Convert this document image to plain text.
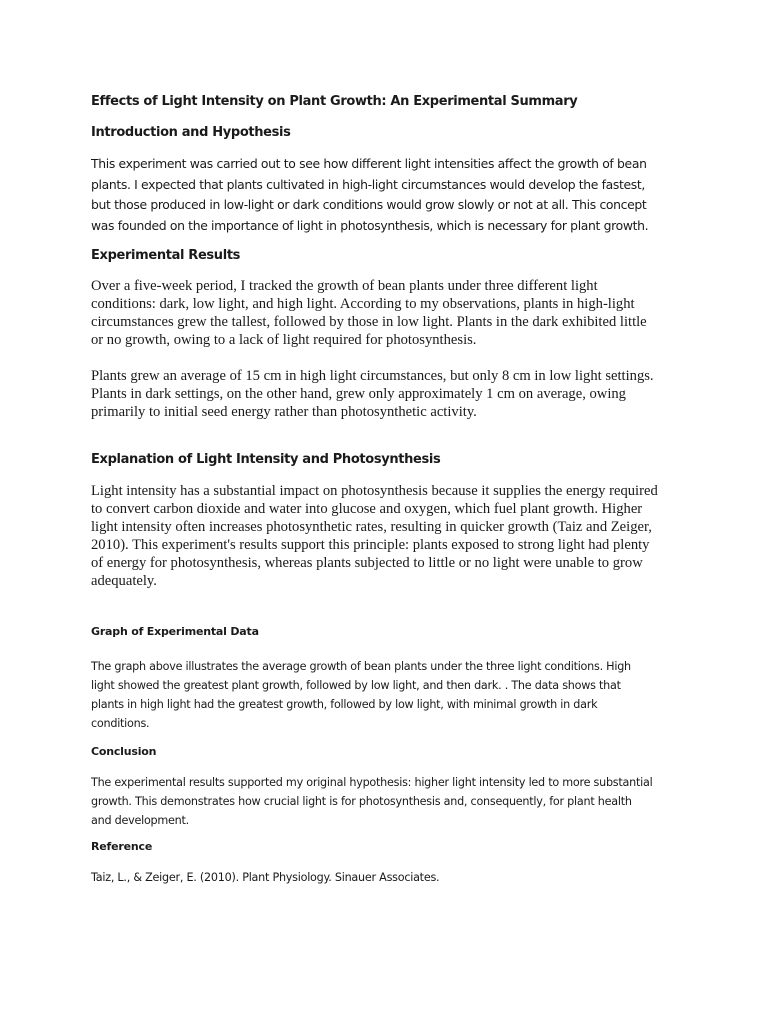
Effects of Light Intensity on Plant Growth: An Experimental Summary
Introduction and Hypothesis

This experiment was carried out to see how different light intensities affect the growth of bean
plants. I expected that plants cultivated in high-light circumstances would develop the fastest,
but those produced in low-light or dark conditions would grow slowly or not at all. This concept
was founded on the importance of light in photosynthesis, which is necessary for plant growth.

Experimental Results

Over a five-week period, I tracked the growth of bean plants under three different light
conditions: dark, low light, and high light. According to my observations, plants in high-light
circumstances grew the tallest, followed by those in low light. Plants in the dark exhibited little
or no growth, owing to a lack of light required for photosynthesis.

Plants grew an average of 15 cm in high light circumstances, but only 8 cm in low light settings.
Plants in dark settings, on the other hand, grew only approximately 1 cm on average, owing
primarily to initial seed energy rather than photosynthetic activity.

Explanation of Light Intensity and Photosynthesis

Light intensity has a substantial impact on photosynthesis because it supplies the energy required
to convert carbon dioxide and water into glucose and oxygen, which fuel plant growth. Higher
light intensity often increases photosynthetic rates, resulting in quicker growth (Taiz and Zeiger,
2010). This experiment's results support this principle: plants exposed to strong light had plenty
of energy for photosynthesis, whereas plants subjected to little or no light were unable to grow
adequately.

Graph of Experimental Data

The graph above illustrates the average growth of bean plants under the three light conditions. High
light showed the greatest plant growth, followed by low light, and then dark. . The data shows that
plants in high light had the greatest growth, followed by low light, with minimal growth in dark
conditions.

Conclusion

The experimental results supported my original hypothesis: higher light intensity led to more substantial
growth. This demonstrates how crucial light is for photosynthesis and, consequently, for plant health
and development.

Reference

Taiz, L., & Zeiger, E. (2010). Plant Physiology. Sinauer Associates.
